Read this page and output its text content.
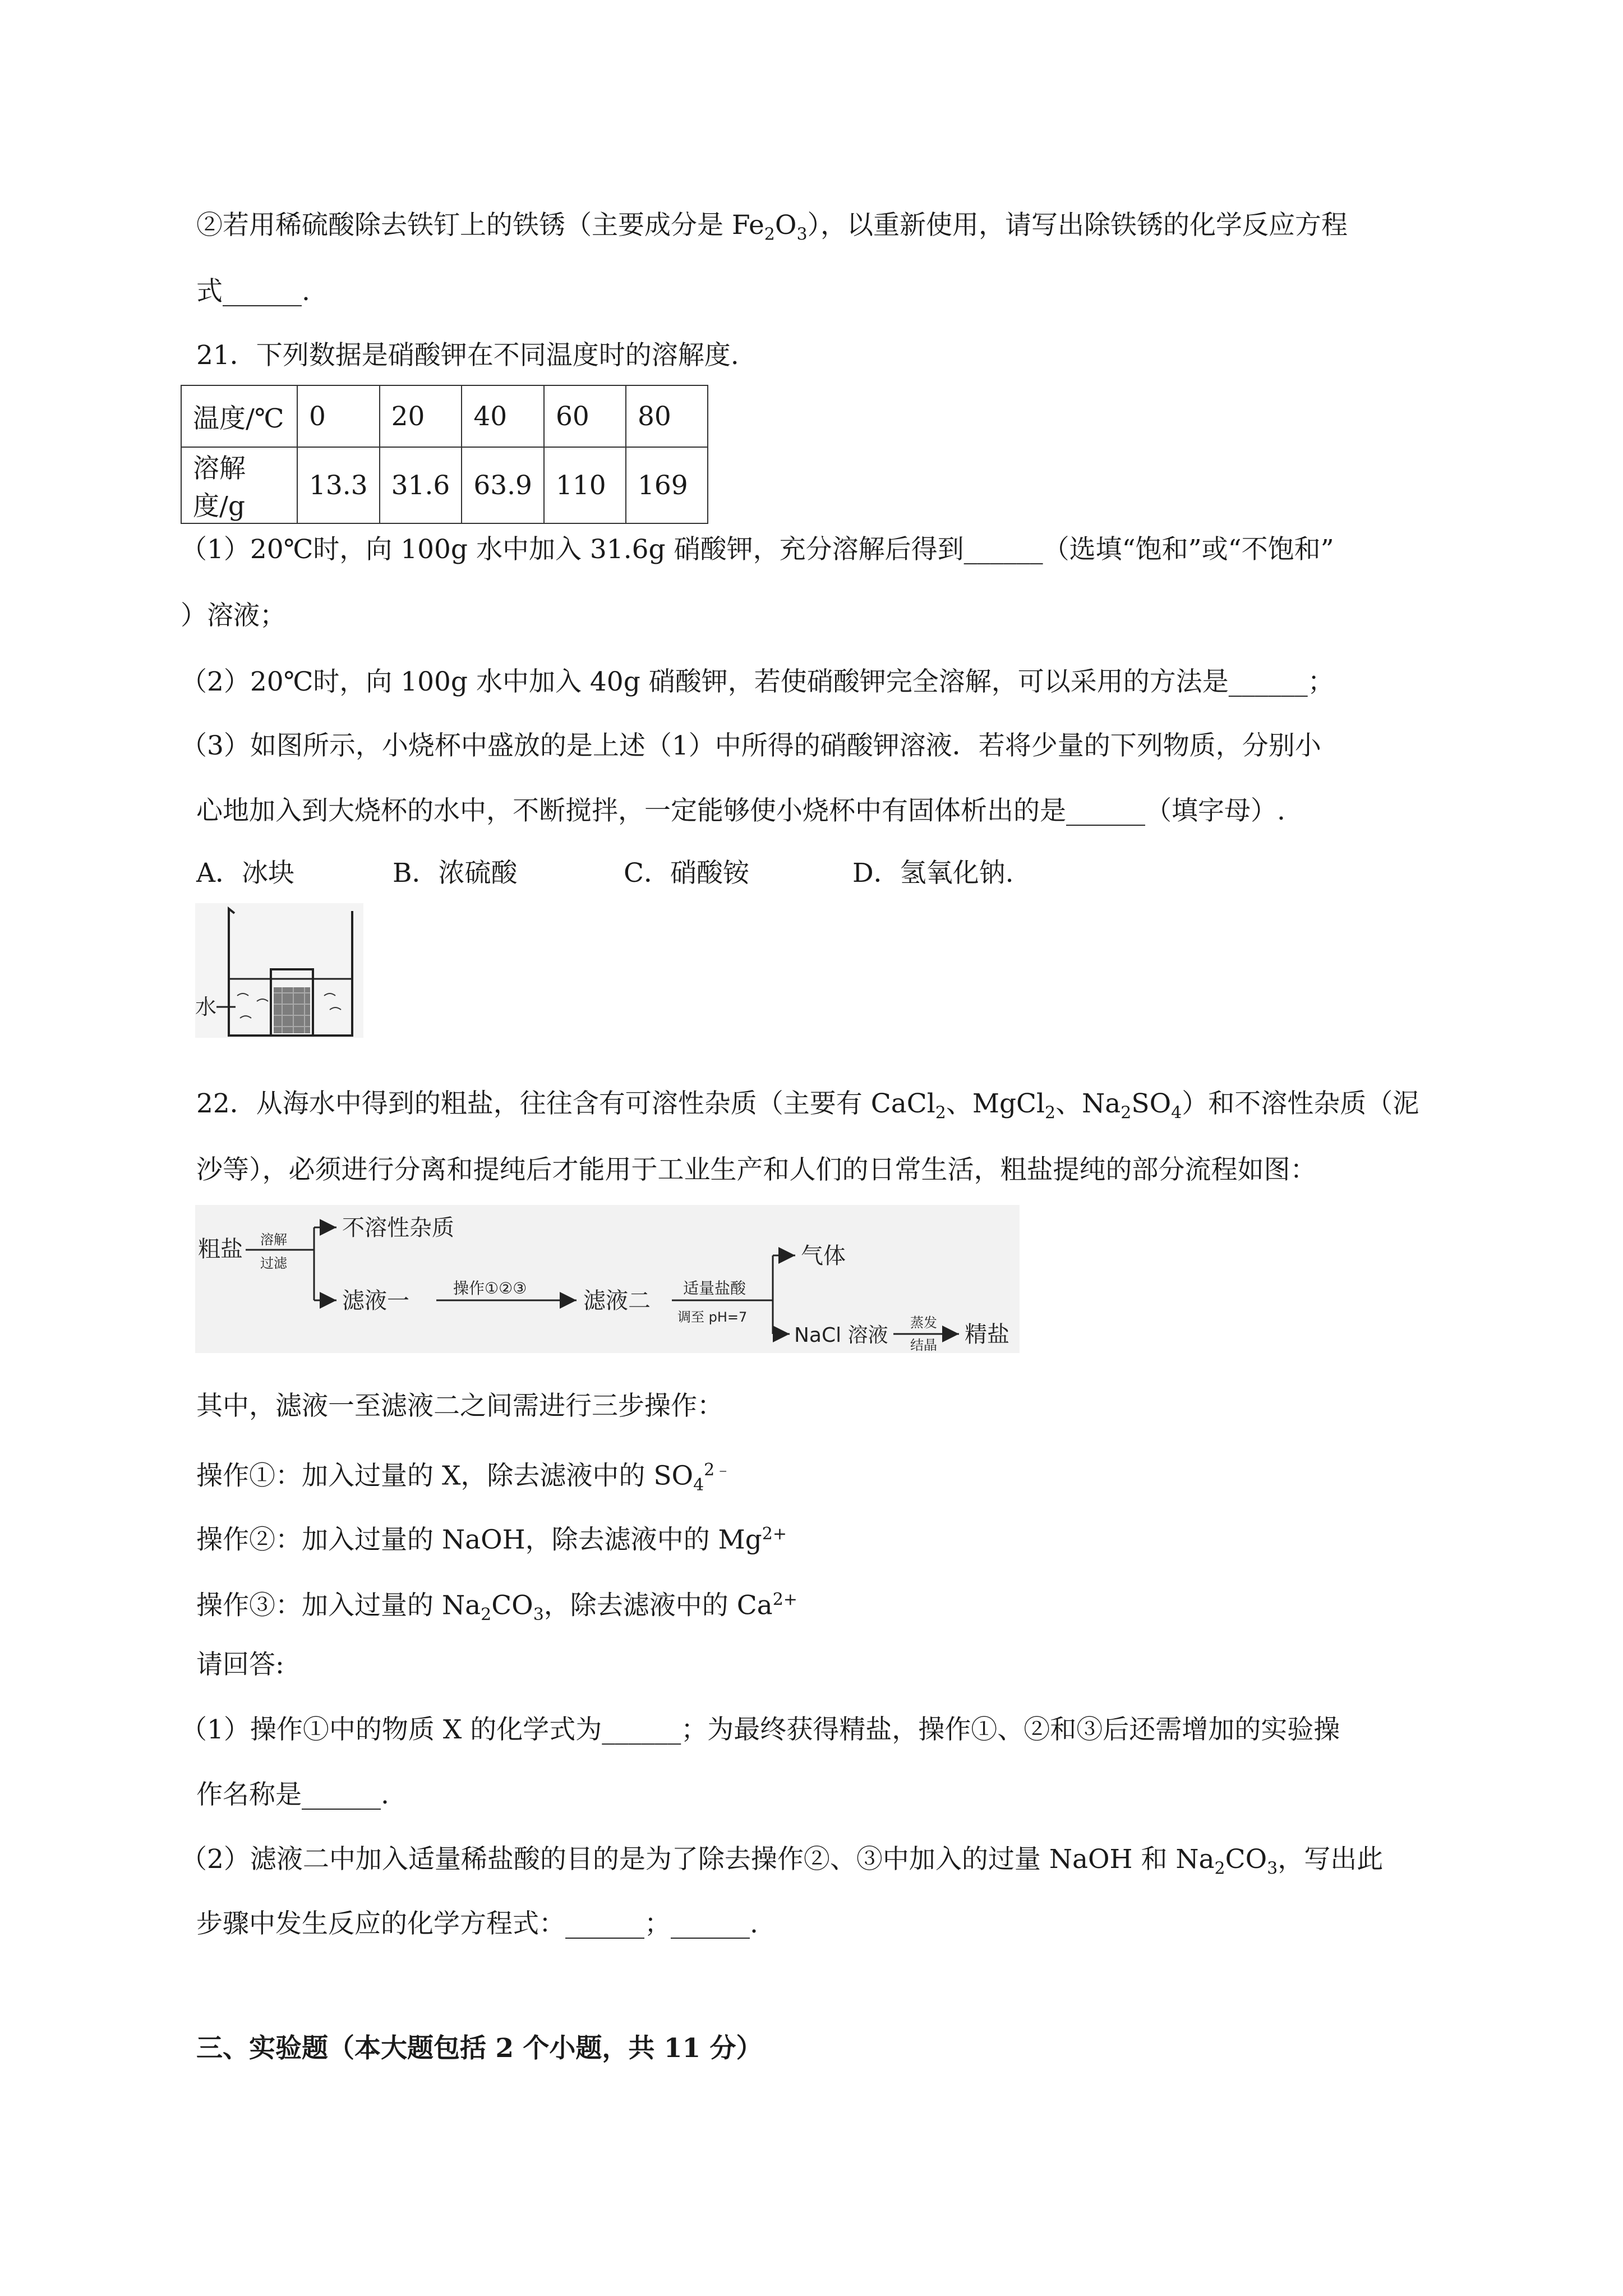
②若用稀硫酸除去铁钉上的铁锈（主要成分是 $Fe_2O_3$），以重新使用，请写出除铁锈的化学反应方程
式______.
21．下列数据是硝酸钾在不同温度时的溶解度.
温度/℃	0	20	40	60	80
溶解度/g	13.3	31.6	63.9	110	169
（1）20℃时，向 100g 水中加入 31.6g 硝酸钾，充分溶解后得到______（选填“饱和”或“不饱和”
）溶液；
（2）20℃时，向 100g 水中加入 40g 硝酸钾，若使硝酸钾完全溶解，可以采用的方法是______；
（3）如图所示，小烧杯中盛放的是上述（1）中所得的硝酸钾溶液．若将少量的下列物质，分别小
心地加入到大烧杯的水中，不断搅拌，一定能够使小烧杯中有固体析出的是______（填字母）.
A．冰块	B．浓硫酸	C．硝酸铵	D．氢氧化钠.
水
22．从海水中得到的粗盐，往往含有可溶性杂质（主要有 CaCl$_2$、MgCl$_2$、$Na_2SO_4$）和不溶性杂质（泥
沙等），必须进行分离和提纯后才能用于工业生产和人们的日常生活，粗盐提纯的部分流程如图：
粗盐 溶解
过滤
不溶性杂质
滤液一	操作①②③	滤液二 适量盐酸
调至 pH=7
气体
NaCl 溶液
蒸发
结晶 精盐
其中，滤液一至滤液二之间需进行三步操作：
操作①：加入过量的 X，除去滤液中的 $SO_4^{2﹣}$
操作②：加入过量的 NaOH，除去滤液中的 $Mg^{2+}$
操作③：加入过量的 $Na_2CO_3$，除去滤液中的 $Ca^{2+}$
请回答:
（1）操作①中的物质 X 的化学式为______；为最终获得精盐，操作①、②和③后还需增加的实验操
作名称是______.
（2）滤液二中加入适量稀盐酸的目的是为了除去操作②、③中加入的过量 NaOH 和 $Na_2CO_3$，写出此
步骤中发生反应的化学方程式：______；______.
三、实验题（本大题包括 2 个小题，共 11 分）
